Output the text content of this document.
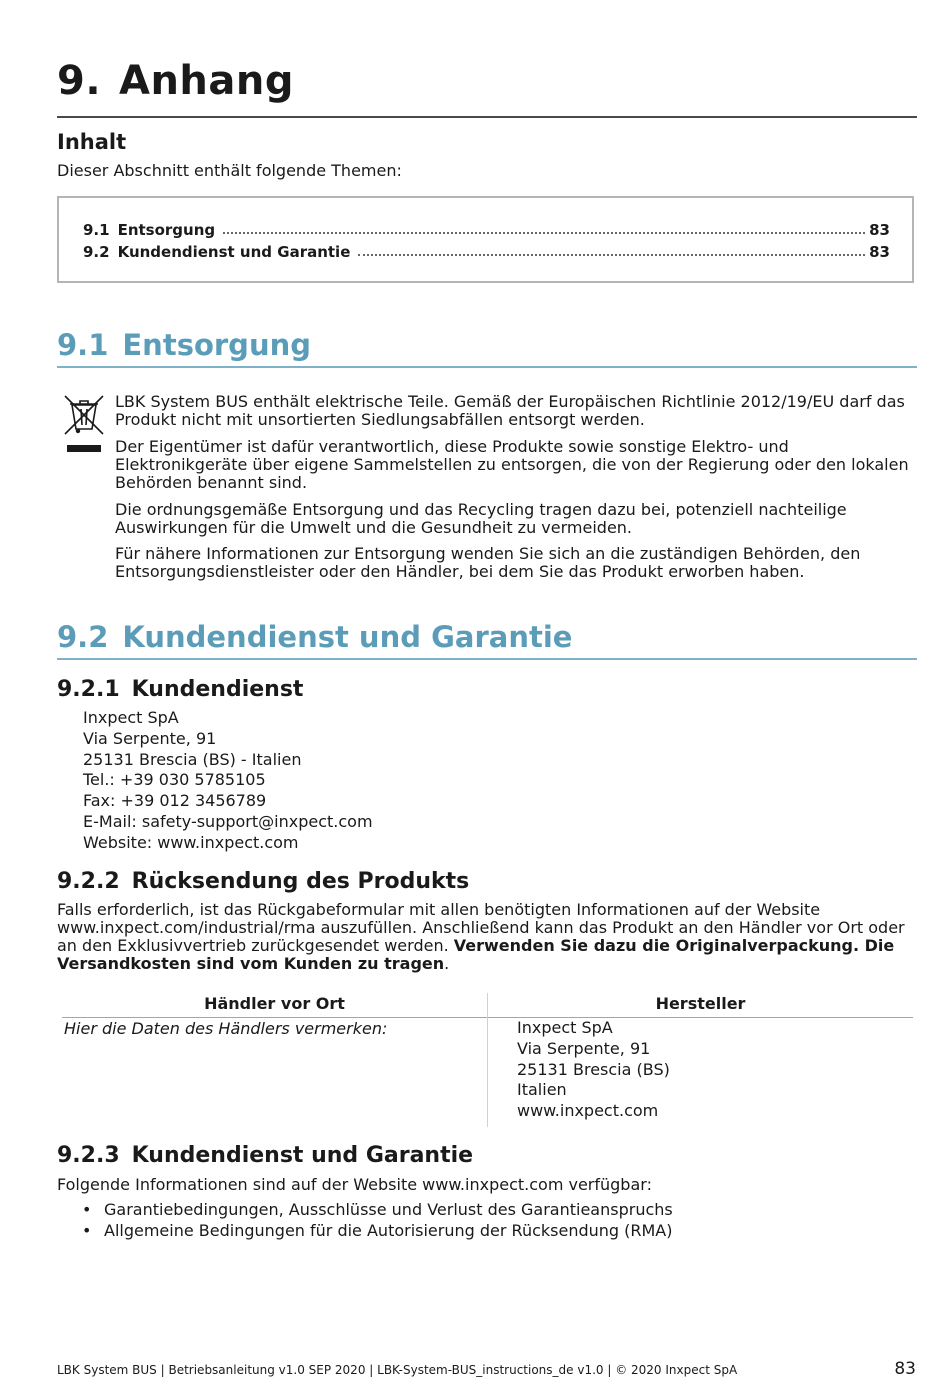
9. Anhang
Inhalt
Dieser Abschnitt enthält folgende Themen:
9.1 Entsorgung	83
9.2 Kundendienst und Garantie	83
9.1 Entsorgung
LBK System BUS enthält elektrische Teile. Gemäß der Europäischen Richtlinie 2012/19/EU darf das Produkt nicht mit unsortierten Siedlungsabfällen entsorgt werden.
Der Eigentümer ist dafür verantwortlich, diese Produkte sowie sonstige Elektro- und Elektronikgeräte über eigene Sammelstellen zu entsorgen, die von der Regierung oder den lokalen Behörden benannt sind.
Die ordnungsgemäße Entsorgung und das Recycling tragen dazu bei, potenziell nachteilige Auswirkungen für die Umwelt und die Gesundheit zu vermeiden.
Für nähere Informationen zur Entsorgung wenden Sie sich an die zuständigen Behörden, den Entsorgungsdienstleister oder den Händler, bei dem Sie das Produkt erworben haben.
9.2 Kundendienst und Garantie
9.2.1 Kundendienst
Inxpect SpA
Via Serpente, 91
25131 Brescia (BS) - Italien
Tel.: +39 030 5785105
Fax: +39 012 3456789
E-Mail: safety-support@inxpect.com
Website: www.inxpect.com
9.2.2 Rücksendung des Produkts
Falls erforderlich, ist das Rückgabeformular mit allen benötigten Informationen auf der Website www.inxpect.com/industrial/rma auszufüllen. Anschließend kann das Produkt an den Händler vor Ort oder an den Exklusivvertrieb zurückgesendet werden. Verwenden Sie dazu die Originalverpackung. Die Versandkosten sind vom Kunden zu tragen.
Händler vor Ort	Hersteller
Hier die Daten des Händlers vermerken:	Inxpect SpA
Via Serpente, 91
25131 Brescia (BS)
Italien
www.inxpect.com
9.2.3 Kundendienst und Garantie
Folgende Informationen sind auf der Website www.inxpect.com verfügbar:
• Garantiebedingungen, Ausschlüsse und Verlust des Garantieanspruchs
• Allgemeine Bedingungen für die Autorisierung der Rücksendung (RMA)
LBK System BUS | Betriebsanleitung v1.0 SEP 2020 | LBK-System-BUS_instructions_de v1.0 | © 2020 Inxpect SpA	83
